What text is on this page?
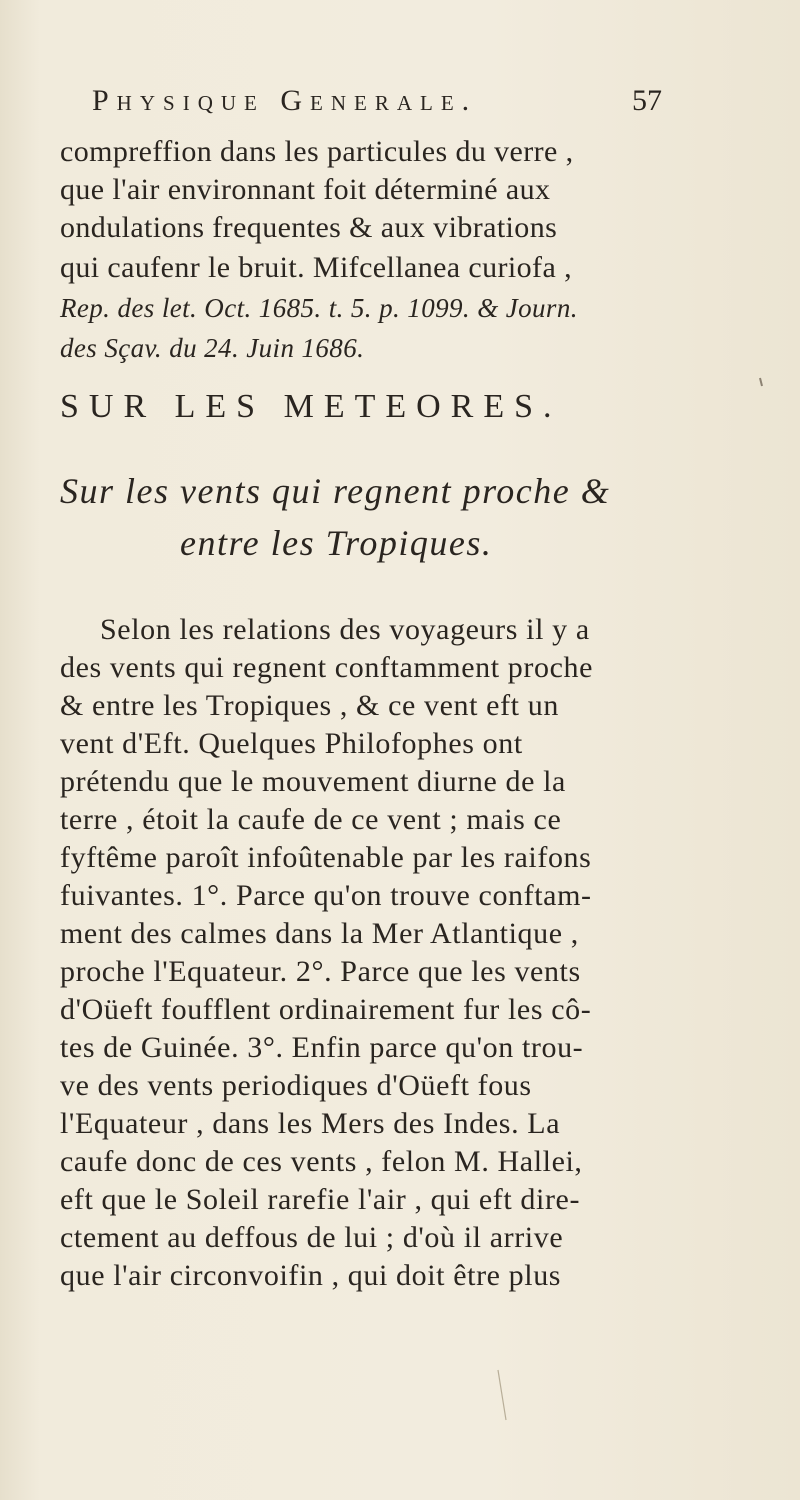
Physique Generale.	57
compreffion dans les particules du verre ,
que l'air environnant foit déterminé aux
ondulations frequentes & aux vibrations
qui caufenr le bruit. Mifcellanea curiofa ,
Rep. des let. Oct. 1685. t. 5. p. 1099. & Journ.
des Sçav. du 24. Juin 1686.
SUR LES METEORES.
Sur les vents qui regnent proche &
entre les Tropiques.
Selon les relations des voyageurs il y a
des vents qui regnent conftamment proche
& entre les Tropiques , & ce vent eft un
vent d'Eft. Quelques Philofophes ont
prétendu que le mouvement diurne de la
terre , étoit la caufe de ce vent ; mais ce
fyftême paroît infoûtenable par les raifons
fuivantes. 1°. Parce qu'on trouve conftam-
ment des calmes dans la Mer Atlantique ,
proche l'Equateur. 2°. Parce que les vents
d'Oüeft foufflent ordinairement fur les cô-
tes de Guinée. 3°. Enfin parce qu'on trou-
ve des vents periodiques d'Oüeft fous
l'Equateur , dans les Mers des Indes. La
caufe donc de ces vents , felon M. Hallei,
eft que le Soleil rarefie l'air , qui eft dire-
ctement au deffous de lui ; d'où il arrive
que l'air circonvoifin , qui doit être plus
